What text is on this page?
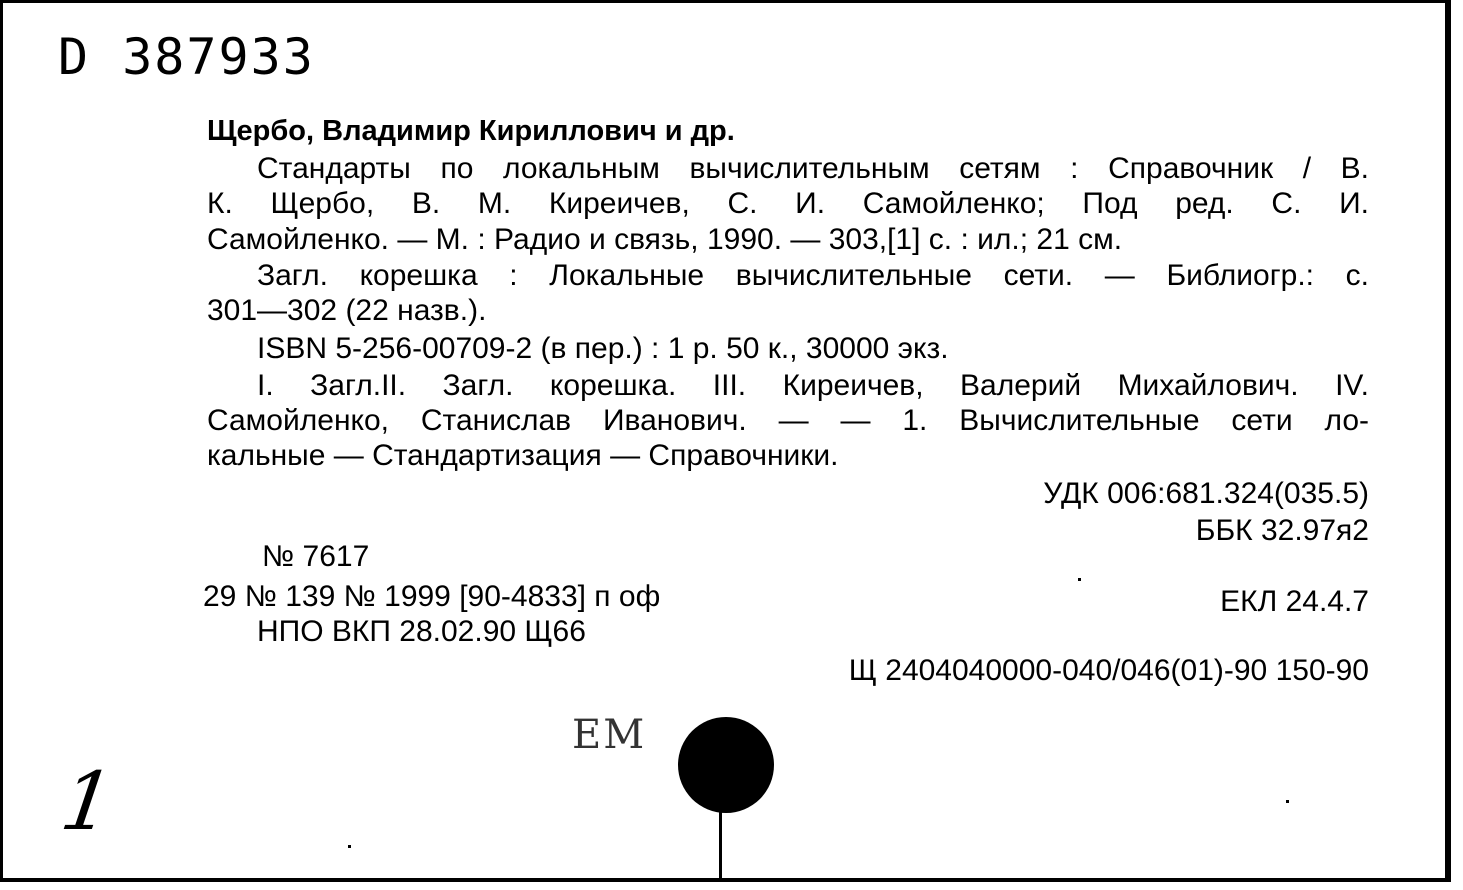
D 387933
Щербо, Владимир Кириллович и др.
Стандарты по локальным вычислительным сетям : Справочник / В.
К. Щербо, В. М. Киреичев, С. И. Самойленко; Под ред. С. И.
Самойленко. — М. : Радио и связь, 1990. — 303,[1] с. : ил.; 21 см.
Загл. корешка : Локальные вычислительные сети. — Библиогр.: с.
301—302 (22 назв.).
ISBN 5-256-00709-2 (в пер.) : 1 р. 50 к., 30000 экз.
I. Загл.II. Загл. корешка. III. Киреичев, Валерий Михайлович. IV.
Самойленко, Станислав Иванович. — — 1. Вычислительные сети ло-
кальные — Стандартизация — Справочники.
УДК 006:681.324(035.5)
ББК 32.97я2
№ 7617
29 № 139 № 1999 [90-4833] п оф	ЕКЛ 24.4.7
НПО ВКП 28.02.90 Щ66
Щ 2404040000-040/046(01)-90 150-90
1
ЕМ
